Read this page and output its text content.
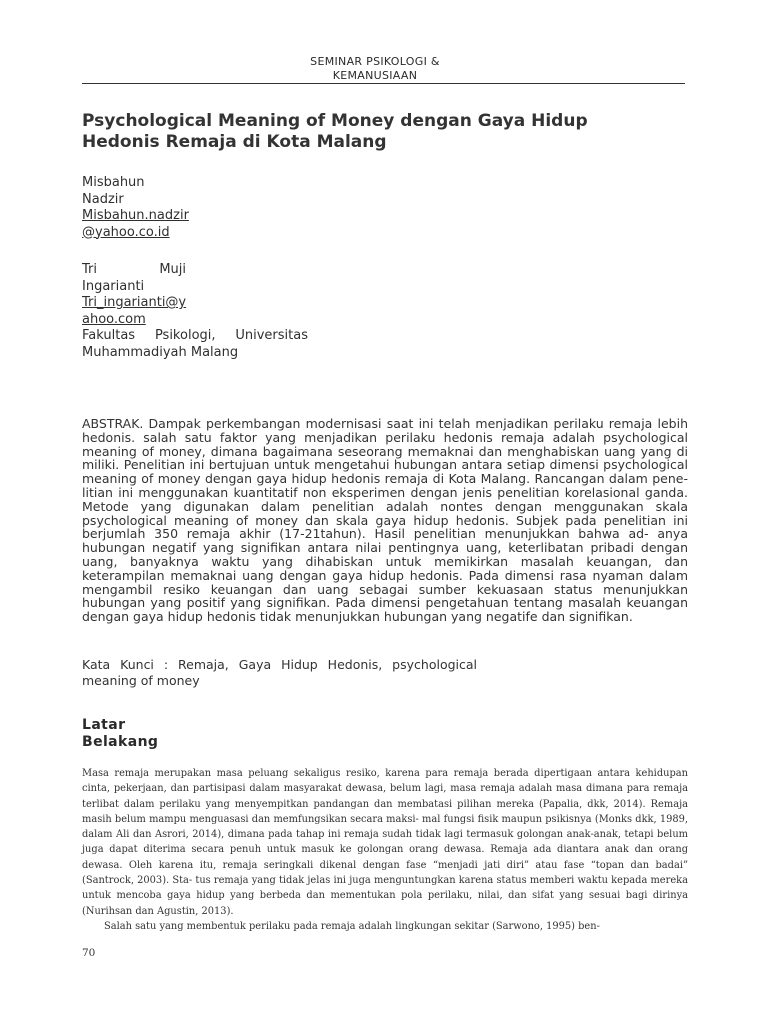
SEMINAR PSIKOLOGI &
KEMANUSIAAN
Psychological Meaning of Money dengan Gaya Hidup
Hedonis Remaja di Kota Malang
Misbahun
Nadzir
Misbahun.nadzir
@yahoo.co.id
Tri	Muji
Ingarianti
Tri_ingarianti@y
ahoo.com
Fakultas Psikologi, Universitas
Muhammadiyah Malang
ABSTRAK. Dampak perkembangan modernisasi saat ini telah menjadikan perilaku remaja lebih hedonis. salah satu faktor yang menjadikan perilaku hedonis remaja adalah psychological meaning of money, dimana bagaimana seseorang memaknai dan menghabiskan uang yang di miliki. Penelitian ini bertujuan untuk mengetahui hubungan antara setiap dimensi psychological meaning of money dengan gaya hidup hedonis remaja di Kota Malang. Rancangan dalam pene- litian ini menggunakan kuantitatif non eksperimen dengan jenis penelitian korelasional ganda. Metode yang digunakan dalam penelitian adalah nontes dengan menggunakan skala psychological meaning of money dan skala gaya hidup hedonis. Subjek pada penelitian ini berjumlah 350 remaja akhir (17-21tahun). Hasil penelitian menunjukkan bahwa ad- anya hubungan negatif yang signifikan antara nilai pentingnya uang, keterlibatan pribadi dengan uang, banyaknya waktu yang dihabiskan untuk memikirkan masalah keuangan, dan keterampilan memaknai uang dengan gaya hidup hedonis. Pada dimensi rasa nyaman dalam mengambil resiko keuangan dan uang sebagai sumber kekuasaan status menunjukkan hubungan yang positif yang signifikan. Pada dimensi pengetahuan tentang masalah keuangan dengan gaya hidup hedonis tidak menunjukkan hubungan yang negatife dan signifikan.
Kata Kunci : Remaja, Gaya Hidup Hedonis, psychological meaning of money
Latar
Belakang
Masa remaja merupakan masa peluang sekaligus resiko, karena para remaja berada dipertigaan antara kehidupan cinta, pekerjaan, dan partisipasi dalam masyarakat dewasa, belum lagi, masa remaja adalah masa dimana para remaja terlibat dalam perilaku yang menyempitkan pandangan dan membatasi pilihan mereka (Papalia, dkk, 2014). Remaja masih belum mampu menguasasi dan memfungsikan secara maksi- mal fungsi fisik maupun psikisnya (Monks dkk, 1989, dalam Ali dan Asrori, 2014), dimana pada tahap ini remaja sudah tidak lagi termasuk golongan anak-anak, tetapi belum juga dapat diterima secara penuh untuk masuk ke golongan orang dewasa. Remaja ada diantara anak dan orang dewasa. Oleh karena itu, remaja seringkali dikenal dengan fase “menjadi jati diri” atau fase “topan dan badai” (Santrock, 2003). Sta- tus remaja yang tidak jelas ini juga menguntungkan karena status memberi waktu kepada mereka untuk mencoba gaya hidup yang berbeda dan mementukan pola perilaku, nilai, dan sifat yang sesuai bagi dirinya (Nurihsan dan Agustin, 2013).
Salah satu yang membentuk perilaku pada remaja adalah lingkungan sekitar (Sarwono, 1995) ben-
70
